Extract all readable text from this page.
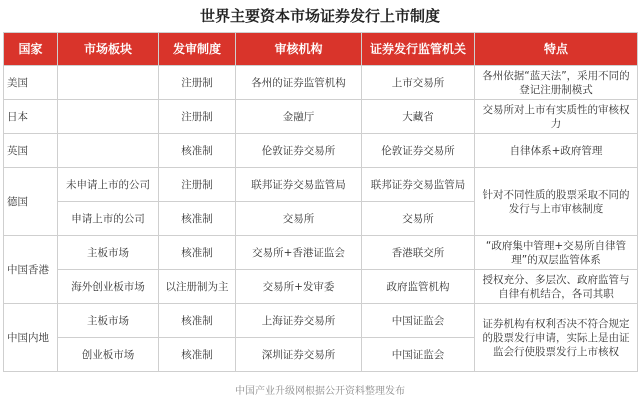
世界主要资本市场证券发行上市制度
国家	市场板块	发审制度	审核机构	证券发行监管机关	特点
美国		注册制	各州的证券监管机构	上市交易所	各州依据“蓝天法”，采用不同的登记注册制模式
日本		注册制	金融厅	大藏省	交易所对上市有实质性的审核权力
英国		核准制	伦敦证券交易所	伦敦证券交易所	自律体系+政府管理
德国	未申请上市的公司	注册制	联邦证券交易监管局	联邦证券交易监管局	针对不同性质的股票采取不同的发行与上市审核制度
	申请上市的公司	核准制	交易所	交易所	
中国香港	主板市场	核准制	交易所+香港证监会	香港联交所	“政府集中管理+交易所自律管理”的双层监管体系
	海外创业板市场	以注册制为主	交易所+发审委	政府监管机构	授权充分、多层次、政府监管与自律有机结合，各司其职
中国内地	主板市场	核准制	上海证券交易所	中国证监会	证券机构有权利否决不符合规定的股票发行申请，实际上是由证监会行使股票发行上市核权
	创业板市场	核准制	深圳证券交易所	中国证监会	
中国产业升级网根据公开资料整理发布
